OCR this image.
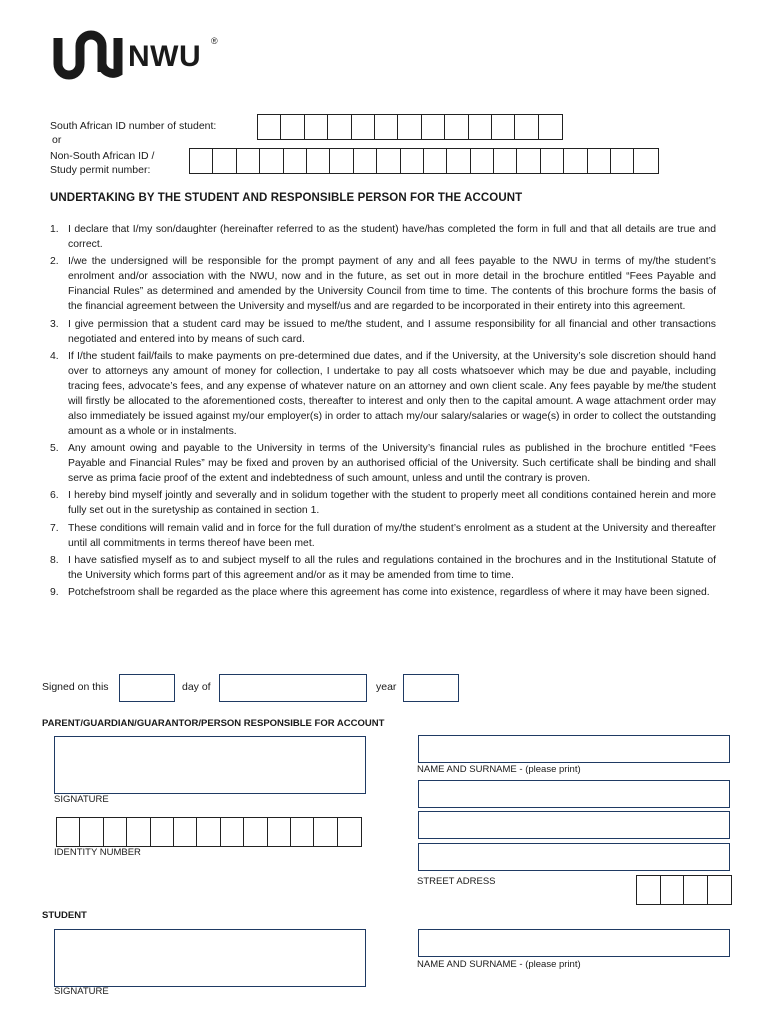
NWU ®
South African ID number of student:
or
Non-South African ID /
Study permit number:
UNDERTAKING BY THE STUDENT AND RESPONSIBLE PERSON FOR THE ACCOUNT
1. I declare that I/my son/daughter (hereinafter referred to as the student) have/has completed the form in full and that all details are true and correct.
2. I/we the undersigned will be responsible for the prompt payment of any and all fees payable to the NWU in terms of my/the student’s enrolment and/or association with the NWU, now and in the future, as set out in more detail in the brochure entitled “Fees Payable and Financial Rules” as determined and amended by the University Council from time to time. The contents of this brochure forms the basis of the financial agreement between the University and myself/us and are regarded to be incorporated in their entirety into this agreement.
3. I give permission that a student card may be issued to me/the student, and I assume responsibility for all financial and other transactions negotiated and entered into by means of such card.
4. If I/the student fail/fails to make payments on pre-determined due dates, and if the University, at the University’s sole discretion should hand over to attorneys any amount of money for collection, I undertake to pay all costs whatsoever which may be due and payable, including tracing fees, advocate’s fees, and any expense of whatever nature on an attorney and own client scale. Any fees payable by me/the student will firstly be allocated to the aforementioned costs, thereafter to interest and only then to the capital amount. A wage attachment order may also immediately be issued against my/our employer(s) in order to attach my/our salary/salaries or wage(s) in order to collect the outstanding amount as a whole or in instalments.
5. Any amount owing and payable to the University in terms of the University’s financial rules as published in the brochure entitled “Fees Payable and Financial Rules” may be fixed and proven by an authorised official of the University. Such certificate shall be binding and shall serve as prima facie proof of the extent and indebtedness of such amount, unless and until the contrary is proven.
6. I hereby bind myself jointly and severally and in solidum together with the student to properly meet all conditions contained herein and more fully set out in the suretyship as contained in section 1.
7. These conditions will remain valid and in force for the full duration of my/the student’s enrolment as a student at the University and thereafter until all commitments in terms thereof have been met.
8. I have satisfied myself as to and subject myself to all the rules and regulations contained in the brochures and in the Institutional Statute of the University which forms part of this agreement and/or as it may be amended from time to time.
9. Potchefstroom shall be regarded as the place where this agreement has come into existence, regardless of where it may have been signed.
Signed on this	day of	year
PARENT/GUARDIAN/GUARANTOR/PERSON RESPONSIBLE FOR ACCOUNT
SIGNATURE
IDENTITY NUMBER
NAME AND SURNAME - (please print)
STREET ADRESS
STUDENT
SIGNATURE
NAME AND SURNAME - (please print)
